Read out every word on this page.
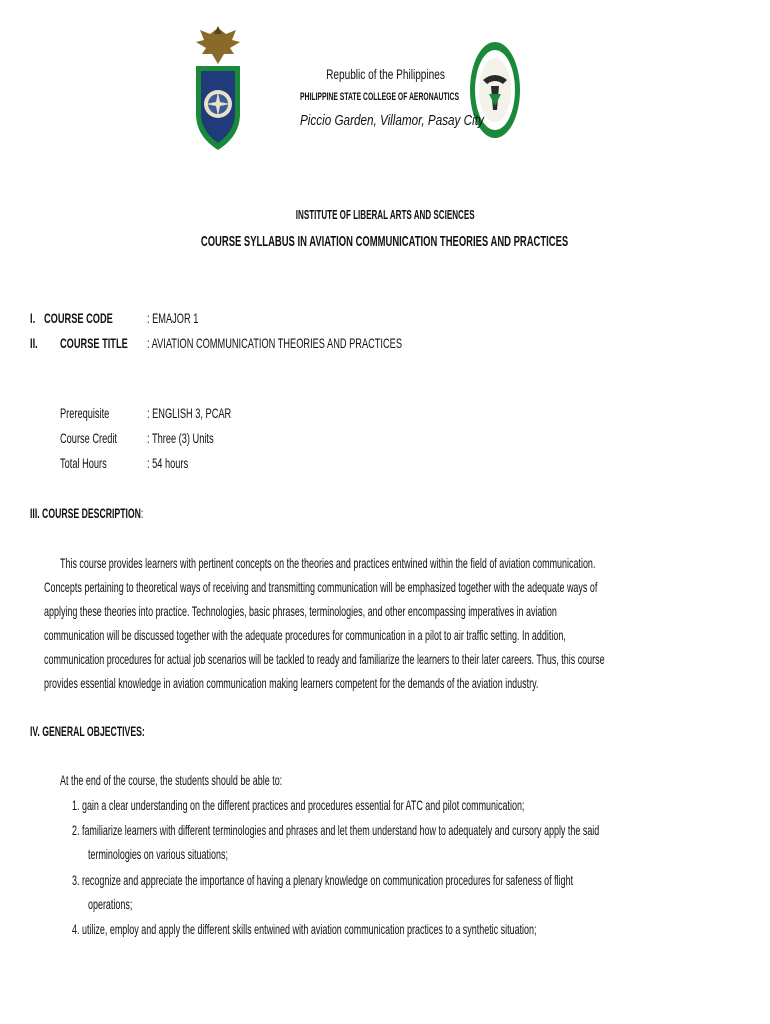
Republic of the Philippines
PHILIPPINE STATE COLLEGE OF AERONAUTICS
Piccio Garden, Villamor, Pasay City
INSTITUTE OF LIBERAL ARTS AND SCIENCES
COURSE SYLLABUS IN AVIATION COMMUNICATION THEORIES AND PRACTICES
I. COURSE CODE	: EMAJOR 1
II. COURSE TITLE	: AVIATION COMMUNICATION THEORIES AND PRACTICES
Prerequisite	: ENGLISH 3, PCAR
Course Credit	: Three (3) Units
Total Hours	: 54 hours
III. COURSE DESCRIPTION:
This course provides learners with pertinent concepts on the theories and practices entwined within the field of aviation communication.
Concepts pertaining to theoretical ways of receiving and transmitting communication will be emphasized together with the adequate ways of
applying these theories into practice. Technologies, basic phrases, terminologies, and other encompassing imperatives in aviation
communication will be discussed together with the adequate procedures for communication in a pilot to air traffic setting. In addition,
communication procedures for actual job scenarios will be tackled to ready and familiarize the learners to their later careers. Thus, this course
provides essential knowledge in aviation communication making learners competent for the demands of the aviation industry.
IV. GENERAL OBJECTIVES:
At the end of the course, the students should be able to:
1. gain a clear understanding on the different practices and procedures essential for ATC and pilot communication;
2. familiarize learners with different terminologies and phrases and let them understand how to adequately and cursory apply the said
terminologies on various situations;
3. recognize and appreciate the importance of having a plenary knowledge on communication procedures for safeness of flight
operations;
4. utilize, employ and apply the different skills entwined with aviation communication practices to a synthetic situation;
